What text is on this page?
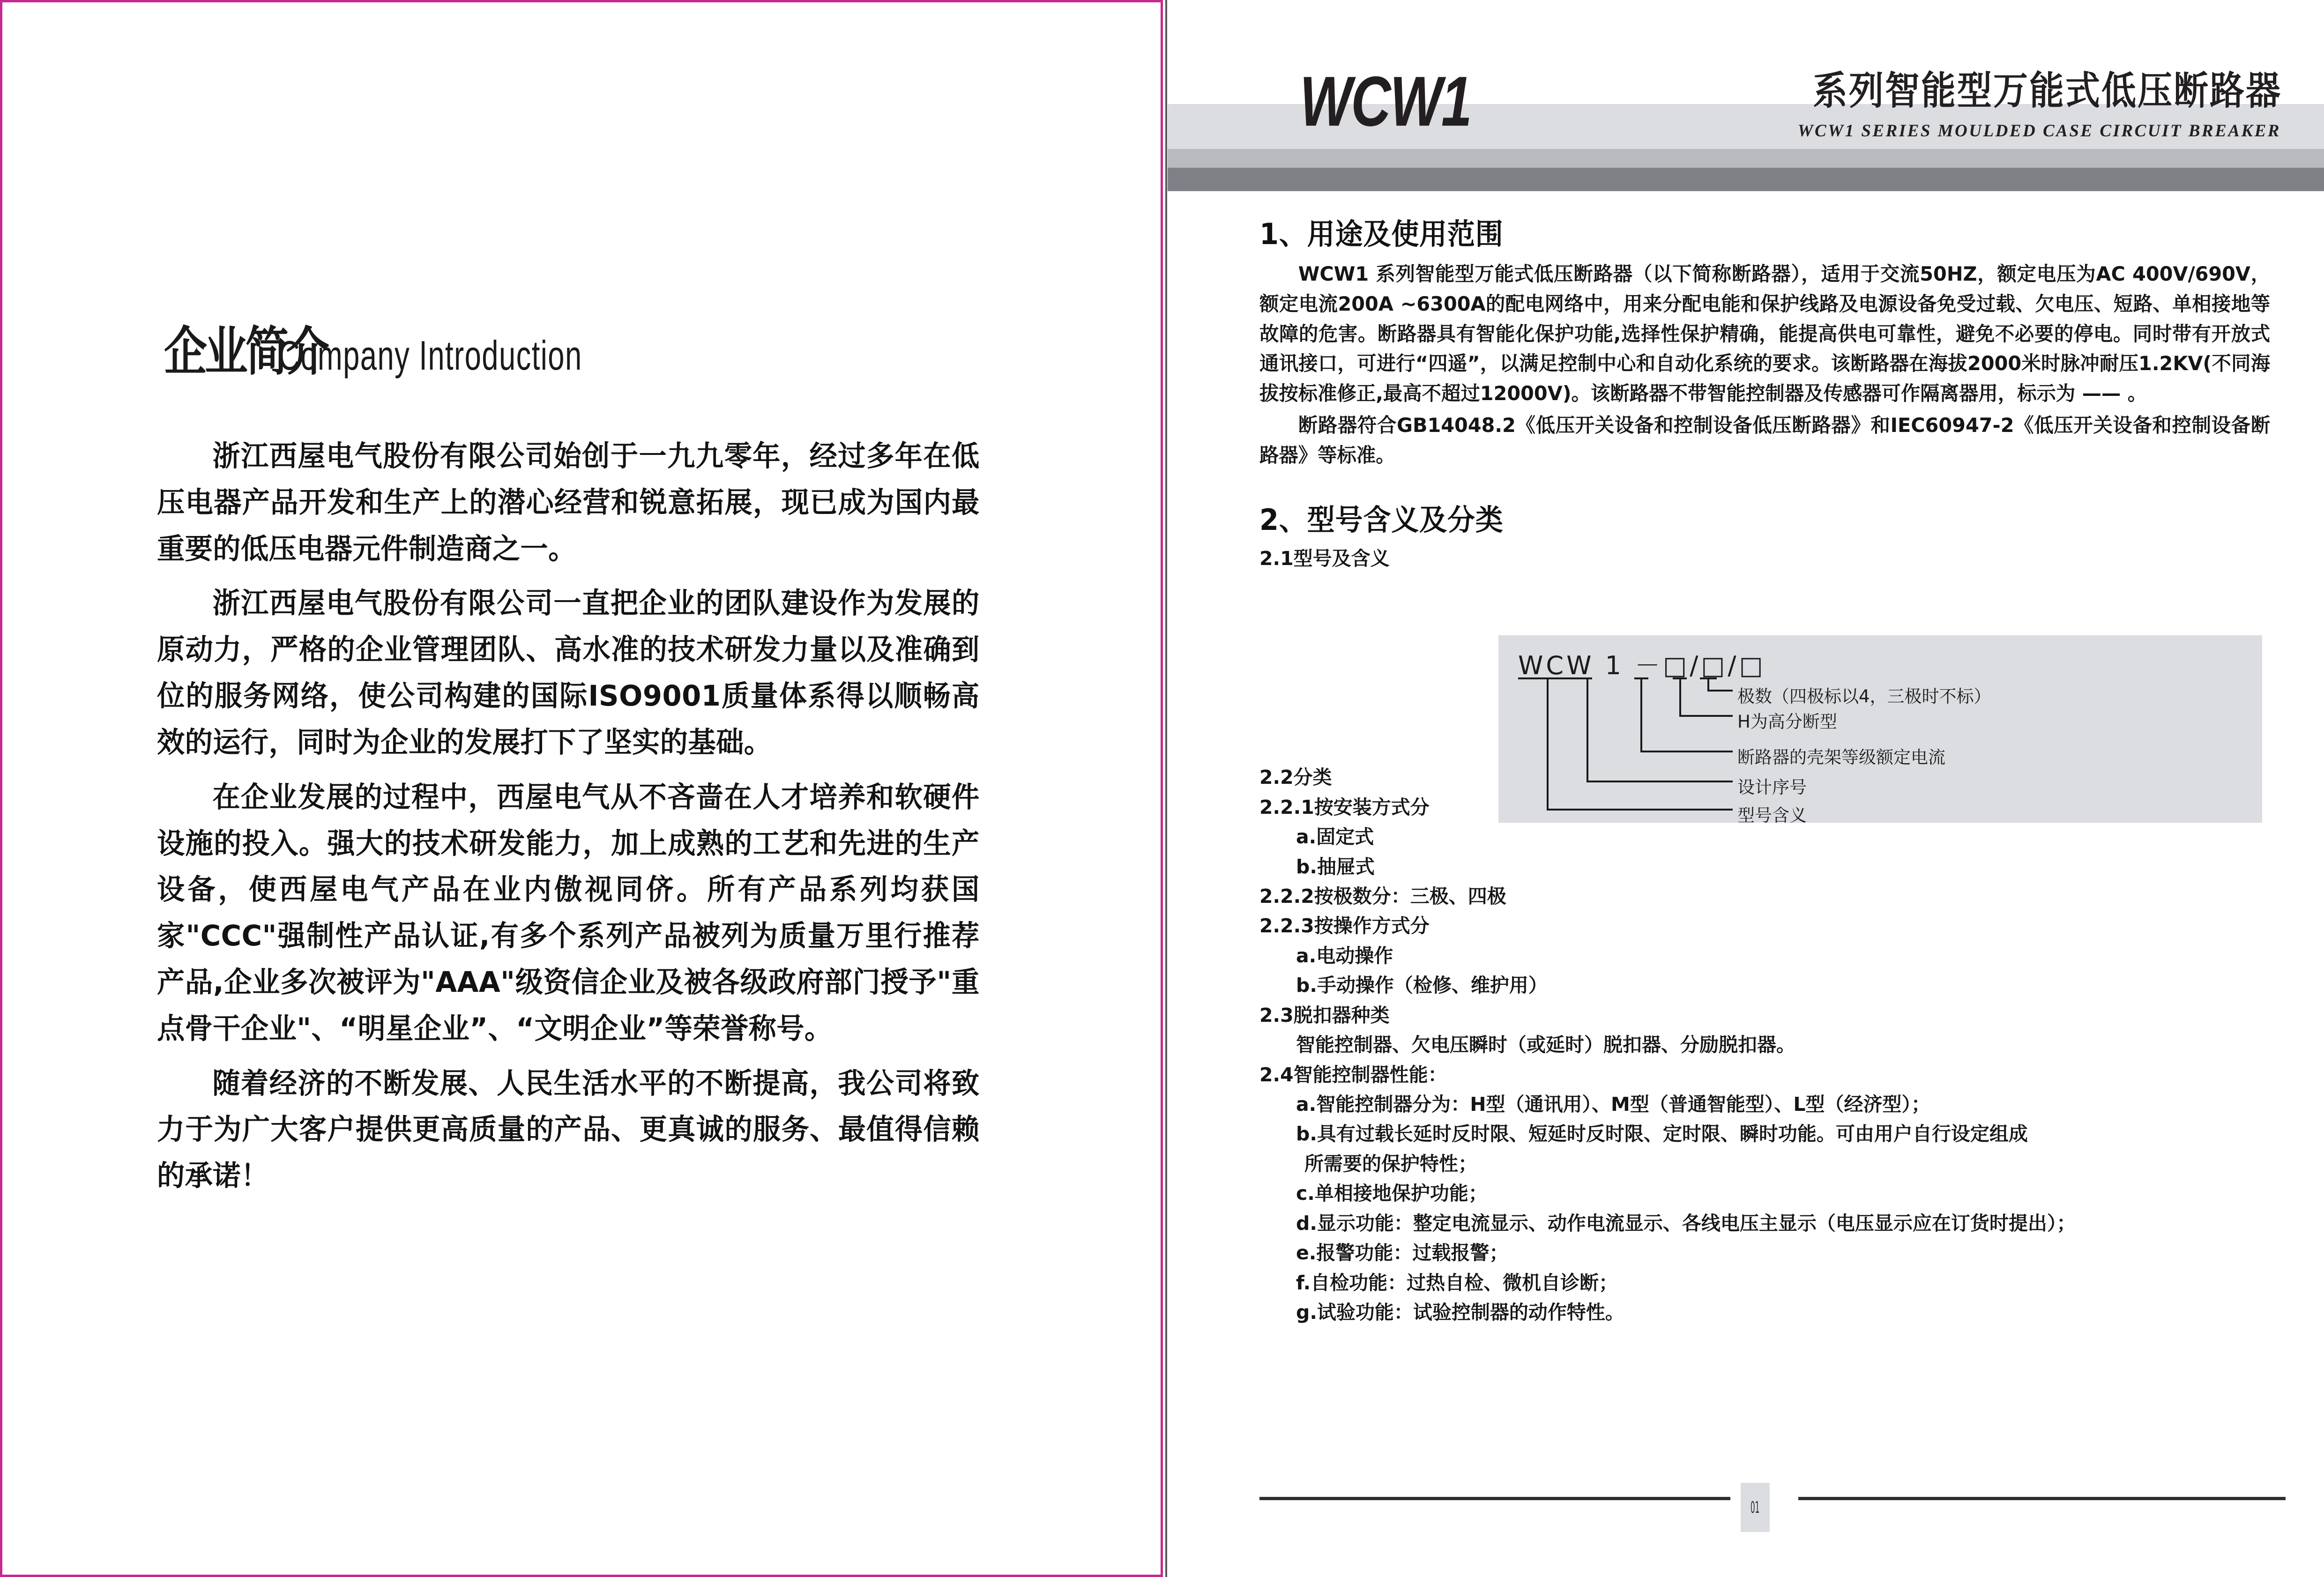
企业简介
Company Introduction

浙江西屋电气股份有限公司始创于一九九零年，经过多年在低压电器产品开发和生产上的潜心经营和锐意拓展，现已成为国内最重要的低压电器元件制造商之一。

浙江西屋电气股份有限公司一直把企业的团队建设作为发展的原动力，严格的企业管理团队、高水准的技术研发力量以及准确到位的服务网络，使公司构建的国际ISO9001质量体系得以顺畅高效的运行，同时为企业的发展打下了坚实的基础。

在企业发展的过程中，西屋电气从不吝啬在人才培养和软硬件设施的投入。强大的技术研发能力，加上成熟的工艺和先进的生产设备，使西屋电气产品在业内傲视同侪。所有产品系列均获国家"CCC"强制性产品认证,有多个系列产品被列为质量万里行推荐产品,企业多次被评为"AAA"级资信企业及被各级政府部门授予"重点骨干企业"、“明星企业”、“文明企业”等荣誉称号。

随着经济的不断发展、人民生活水平的不断提高，我公司将致力于为广大客户提供更高质量的产品、更真诚的服务、最值得信赖的承诺！

WCW1	系列智能型万能式低压断路器
WCW1 SERIES MOULDED CASE CIRCUIT BREAKER
1、用途及使用范围

WCW1 系列智能型万能式低压断路器（以下简称断路器），适用于交流50HZ，额定电压为AC 400V/690V，额定电流200A ~6300A的配电网络中，用来分配电能和保护线路及电源设备免受过载、欠电压、短路、单相接地等故障的危害。断路器具有智能化保护功能,选择性保护精确，能提高供电可靠性，避免不必要的停电。同时带有开放式通讯接口，可进行“四遥”，以满足控制中心和自动化系统的要求。该断路器在海拔2000米时脉冲耐压1.2KV(不同海拔按标准修正,最高不超过12000V)。该断路器不带智能控制器及传感器可作隔离器用，标示为 —— 。

断路器符合GB14048.2《低压开关设备和控制设备低压断路器》和IEC60947-2《低压开关设备和控制设备断路器》等标准。

2、型号含义及分类
2.1型号及含义
2.2分类
2.2.1按安装方式分
a.固定式
b.抽屉式
2.2.2按极数分：三极、四极
2.2.3按操作方式分
a.电动操作
b.手动操作（检修、维护用）
2.3脱扣器种类
智能控制器、欠电压瞬时（或延时）脱扣器、分励脱扣器。
2.4智能控制器性能：
a.智能控制器分为：H型（通讯用）、M型（普通智能型）、L型（经济型）；
b.具有过载长延时反时限、短延时反时限、定时限、瞬时功能。可由用户自行设定组成
所需要的保护特性；
c.单相接地保护功能；
d.显示功能：整定电流显示、动作电流显示、各线电压主显示（电压显示应在订货时提出）；
e.报警功能：过载报警；
f.自检功能：过热自检、微机自诊断；
g.试验功能：试验控制器的动作特性。
01
WCW 1 －□/□/□
极数（四极标以4，三极时不标）
H为高分断型
断路器的壳架等级额定电流
设计序号
型号含义
